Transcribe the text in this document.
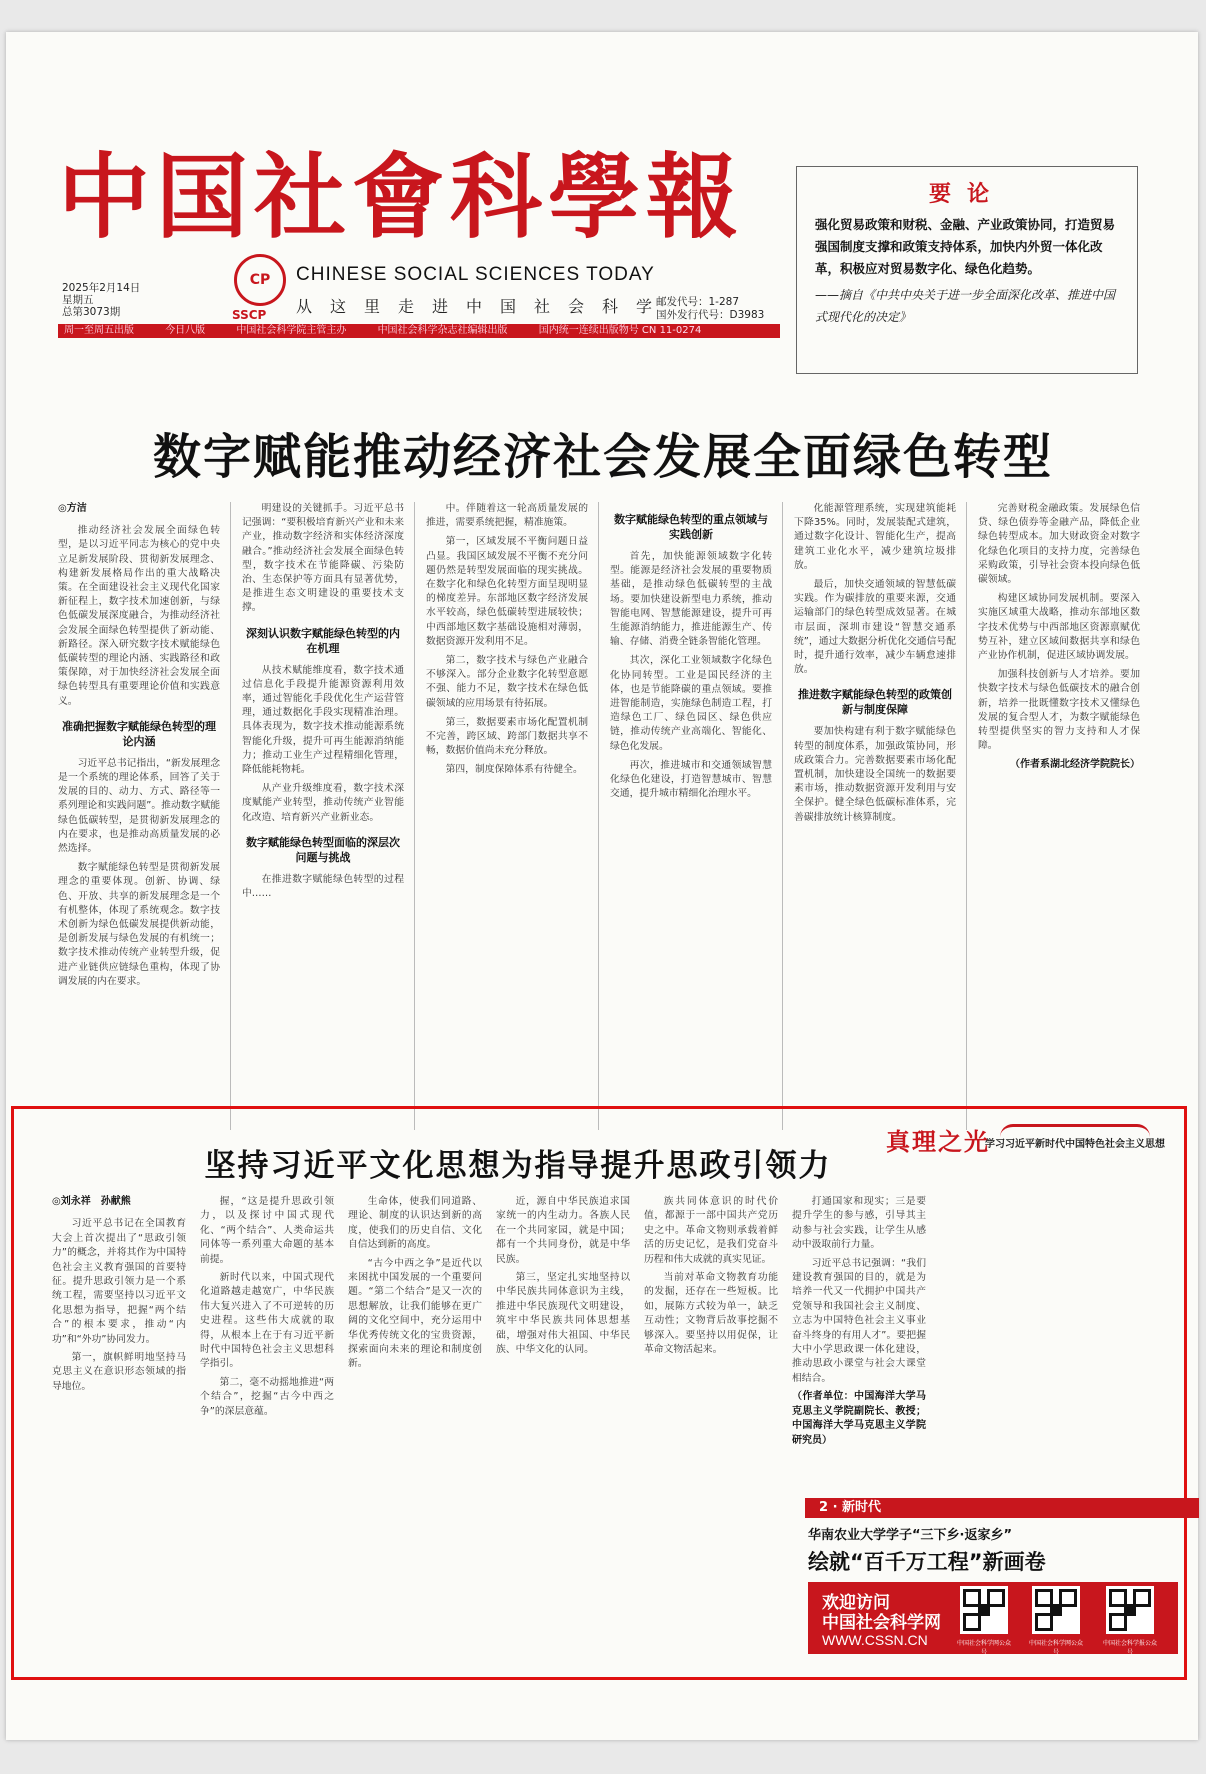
中国社會科學報
CP
SSCP
CHINESE SOCIAL SCIENCES TODAY
从这里走进中国社会科学
2025年2月14日
星期五
总第3073期
邮发代号：1-287
国外发行代号：D3983
周一至周五出版	今日八版	中国社会科学院主管主办	中国社会科学杂志社编辑出版	国内统一连续出版物号 CN 11-0274
要论

强化贸易政策和财税、金融、产业政策协同，打造贸易强国制度支撑和政策支持体系，加快内外贸一体化改革，积极应对贸易数字化、绿色化趋势。

——摘自《中共中央关于进一步全面深化改革、推进中国式现代化的决定》

数字赋能推动经济社会发展全面绿色转型

◎方洁

推动经济社会发展全面绿色转型，是以习近平同志为核心的党中央立足新发展阶段、贯彻新发展理念、构建新发展格局作出的重大战略决策。在全面建设社会主义现代化国家新征程上，数字技术加速创新，与绿色低碳发展深度融合，为推动经济社会发展全面绿色转型提供了新动能、新路径。深入研究数字技术赋能绿色低碳转型的理论内涵、实践路径和政策保障，对于加快经济社会发展全面绿色转型具有重要理论价值和实践意义。

准确把握数字赋能绿色转型的理论内涵

习近平总书记指出，“新发展理念是一个系统的理论体系，回答了关于发展的目的、动力、方式、路径等一系列理论和实践问题”。推动数字赋能绿色低碳转型，是贯彻新发展理念的内在要求，也是推动高质量发展的必然选择。

数字赋能绿色转型是贯彻新发展理念的重要体现。创新、协调、绿色、开放、共享的新发展理念是一个有机整体，体现了系统观念。数字技术创新为绿色低碳发展提供新动能，是创新发展与绿色发展的有机统一；数字技术推动传统产业转型升级，促进产业链供应链绿色重构，体现了协调发展的内在要求。

明建设的关键抓手。习近平总书记强调：“要积极培育新兴产业和未来产业，推动数字经济和实体经济深度融合。”推动经济社会发展全面绿色转型，数字技术在节能降碳、污染防治、生态保护等方面具有显著优势，是推进生态文明建设的重要技术支撑。

深刻认识数字赋能绿色转型的内在机理

从技术赋能维度看，数字技术通过信息化手段提升能源资源利用效率，通过智能化手段优化生产运营管理，通过数据化手段实现精准治理。具体表现为，数字技术推动能源系统智能化升级，提升可再生能源消纳能力；推动工业生产过程精细化管理，降低能耗物耗。

从产业升级维度看，数字技术深度赋能产业转型，推动传统产业智能化改造、培育新兴产业新业态。

数字赋能绿色转型面临的深层次问题与挑战

在推进数字赋能绿色转型的过程中……

中。伴随着这一轮高质量发展的推进，需要系统把握，精准施策。

第一，区域发展不平衡问题日益凸显。我国区域发展不平衡不充分问题仍然是转型发展面临的现实挑战。在数字化和绿色化转型方面呈现明显的梯度差异。东部地区数字经济发展水平较高，绿色低碳转型进展较快；中西部地区数字基础设施相对薄弱，数据资源开发利用不足。

第二，数字技术与绿色产业融合不够深入。部分企业数字化转型意愿不强、能力不足，数字技术在绿色低碳领域的应用场景有待拓展。

第三，数据要素市场化配置机制不完善，跨区域、跨部门数据共享不畅，数据价值尚未充分释放。

第四，制度保障体系有待健全。

数字赋能绿色转型的重点领域与实践创新

首先，加快能源领域数字化转型。能源是经济社会发展的重要物质基础，是推动绿色低碳转型的主战场。要加快建设新型电力系统，推动智能电网、智慧能源建设，提升可再生能源消纳能力，推进能源生产、传输、存储、消费全链条智能化管理。

其次，深化工业领域数字化绿色化协同转型。工业是国民经济的主体，也是节能降碳的重点领域。要推进智能制造，实施绿色制造工程，打造绿色工厂、绿色园区、绿色供应链，推动传统产业高端化、智能化、绿色化发展。

再次，推进城市和交通领域智慧化绿色化建设，打造智慧城市、智慧交通，提升城市精细化治理水平。

化能源管理系统，实现建筑能耗下降35%。同时，发展装配式建筑，通过数字化设计、智能化生产，提高建筑工业化水平，减少建筑垃圾排放。

最后，加快交通领域的智慧低碳实践。作为碳排放的重要来源，交通运输部门的绿色转型成效显著。在城市层面，深圳市建设“智慧交通系统”，通过大数据分析优化交通信号配时，提升通行效率，减少车辆怠速排放。

推进数字赋能绿色转型的政策创新与制度保障

要加快构建有利于数字赋能绿色转型的制度体系，加强政策协同，形成政策合力。完善数据要素市场化配置机制，加快建设全国统一的数据要素市场，推动数据资源开发利用与安全保护。健全绿色低碳标准体系，完善碳排放统计核算制度。

完善财税金融政策。发展绿色信贷、绿色债券等金融产品，降低企业绿色转型成本。加大财政资金对数字化绿色化项目的支持力度，完善绿色采购政策，引导社会资本投向绿色低碳领域。

构建区域协同发展机制。要深入实施区域重大战略，推动东部地区数字技术优势与中西部地区资源禀赋优势互补，建立区域间数据共享和绿色产业协作机制，促进区域协调发展。

加强科技创新与人才培养。要加快数字技术与绿色低碳技术的融合创新，培养一批既懂数字技术又懂绿色发展的复合型人才，为数字赋能绿色转型提供坚实的智力支持和人才保障。

（作者系湖北经济学院院长）

真理之光
坚持习近平文化思想为指导提升思政引领力
学习习近平新时代中国特色社会主义思想

◎刘永祥　孙献熊

习近平总书记在全国教育大会上首次提出了“思政引领力”的概念，并将其作为中国特色社会主义教育强国的首要特征。提升思政引领力是一个系统工程，需要坚持以习近平文化思想为指导，把握“两个结合”的根本要求，推动“内功”和“外功”协同发力。

第一，旗帜鲜明地坚持马克思主义在意识形态领域的指导地位。

握，“这是提升思政引领力，以及探讨中国式现代化、“两个结合”、人类命运共同体等一系列重大命题的基本前提。

新时代以来，中国式现代化道路越走越宽广，中华民族伟大复兴进入了不可逆转的历史进程。这些伟大成就的取得，从根本上在于有习近平新时代中国特色社会主义思想科学指引。

第二，毫不动摇地推进“两个结合”，挖掘“古今中西之争”的深层意蕴。

生命体，使我们同道路、理论、制度的认识达到新的高度，使我们的历史自信、文化自信达到新的高度。

“古今中西之争”是近代以来困扰中国发展的一个重要问题。“第二个结合”是又一次的思想解放，让我们能够在更广阔的文化空间中，充分运用中华优秀传统文化的宝贵资源，探索面向未来的理论和制度创新。

近，源自中华民族追求国家统一的内生动力。各族人民在一个共同家园，就是中国；都有一个共同身份，就是中华民族。

第三，坚定扎实地坚持以中华民族共同体意识为主线，推进中华民族现代文明建设，筑牢中华民族共同体思想基础，增强对伟大祖国、中华民族、中华文化的认同。

族共同体意识的时代价值，都源于一部中国共产党历史之中。革命文物则承载着鲜活的历史记忆，是我们党奋斗历程和伟大成就的真实见证。

当前对革命文物教育功能的发掘，还存在一些短板。比如，展陈方式较为单一，缺乏互动性；文物背后故事挖掘不够深入。要坚持以用促保，让革命文物活起来。

打通国家和现实；三是要提升学生的参与感，引导其主动参与社会实践，让学生从感动中汲取前行力量。

习近平总书记强调：“我们建设教育强国的目的，就是为培养一代又一代拥护中国共产党领导和我国社会主义制度、立志为中国特色社会主义事业奋斗终身的有用人才”。要把握大中小学思政课一体化建设，推动思政小课堂与社会大课堂相结合。

（作者单位：中国海洋大学马克思主义学院副院长、教授；中国海洋大学马克思主义学院研究员）

2 · 新时代
华南农业大学学子“三下乡·返家乡”
绘就“百千万工程”新画卷
欢迎访问
中国社会科学网
WWW.CSSN.CN	中国社会科学网公众号
中国社会科学网公众号
中国社会科学报公众号
